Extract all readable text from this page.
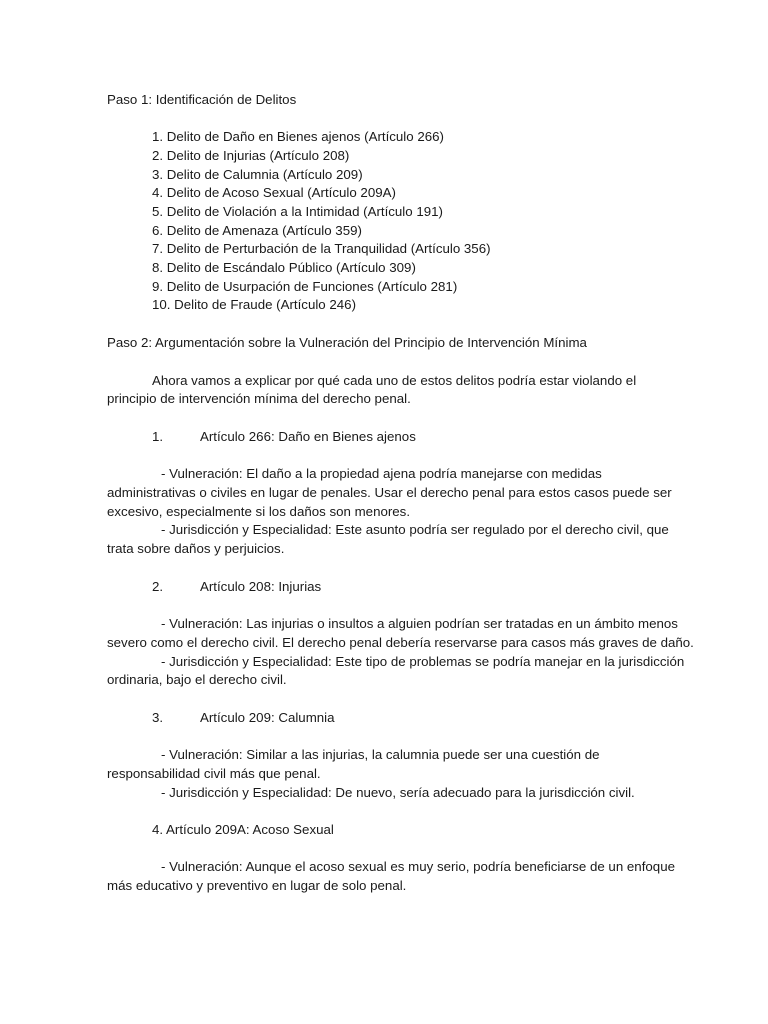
Paso 1: Identificación de Delitos
1. Delito de Daño en Bienes ajenos (Artículo 266)
2. Delito de Injurias (Artículo 208)
3. Delito de Calumnia (Artículo 209)
4. Delito de Acoso Sexual (Artículo 209A)
5. Delito de Violación a la Intimidad (Artículo 191)
6. Delito de Amenaza (Artículo 359)
7. Delito de Perturbación de la Tranquilidad (Artículo 356)
8. Delito de Escándalo Público (Artículo 309)
9. Delito de Usurpación de Funciones (Artículo 281)
10. Delito de Fraude (Artículo 246)
Paso 2: Argumentación sobre la Vulneración del Principio de Intervención Mínima
Ahora vamos a explicar por qué cada uno de estos delitos podría estar violando el
principio de intervención mínima del derecho penal.
1.	Artículo 266: Daño en Bienes ajenos
- Vulneración: El daño a la propiedad ajena podría manejarse con medidas
administrativas o civiles en lugar de penales. Usar el derecho penal para estos casos puede ser
excesivo, especialmente si los daños son menores.
- Jurisdicción y Especialidad: Este asunto podría ser regulado por el derecho civil, que
trata sobre daños y perjuicios.
2.	Artículo 208: Injurias
- Vulneración: Las injurias o insultos a alguien podrían ser tratadas en un ámbito menos
severo como el derecho civil. El derecho penal debería reservarse para casos más graves de daño.
- Jurisdicción y Especialidad: Este tipo de problemas se podría manejar en la jurisdicción
ordinaria, bajo el derecho civil.
3.	Artículo 209: Calumnia
- Vulneración: Similar a las injurias, la calumnia puede ser una cuestión de
responsabilidad civil más que penal.
- Jurisdicción y Especialidad: De nuevo, sería adecuado para la jurisdicción civil.
4. Artículo 209A: Acoso Sexual
- Vulneración: Aunque el acoso sexual es muy serio, podría beneficiarse de un enfoque
más educativo y preventivo en lugar de solo penal.
